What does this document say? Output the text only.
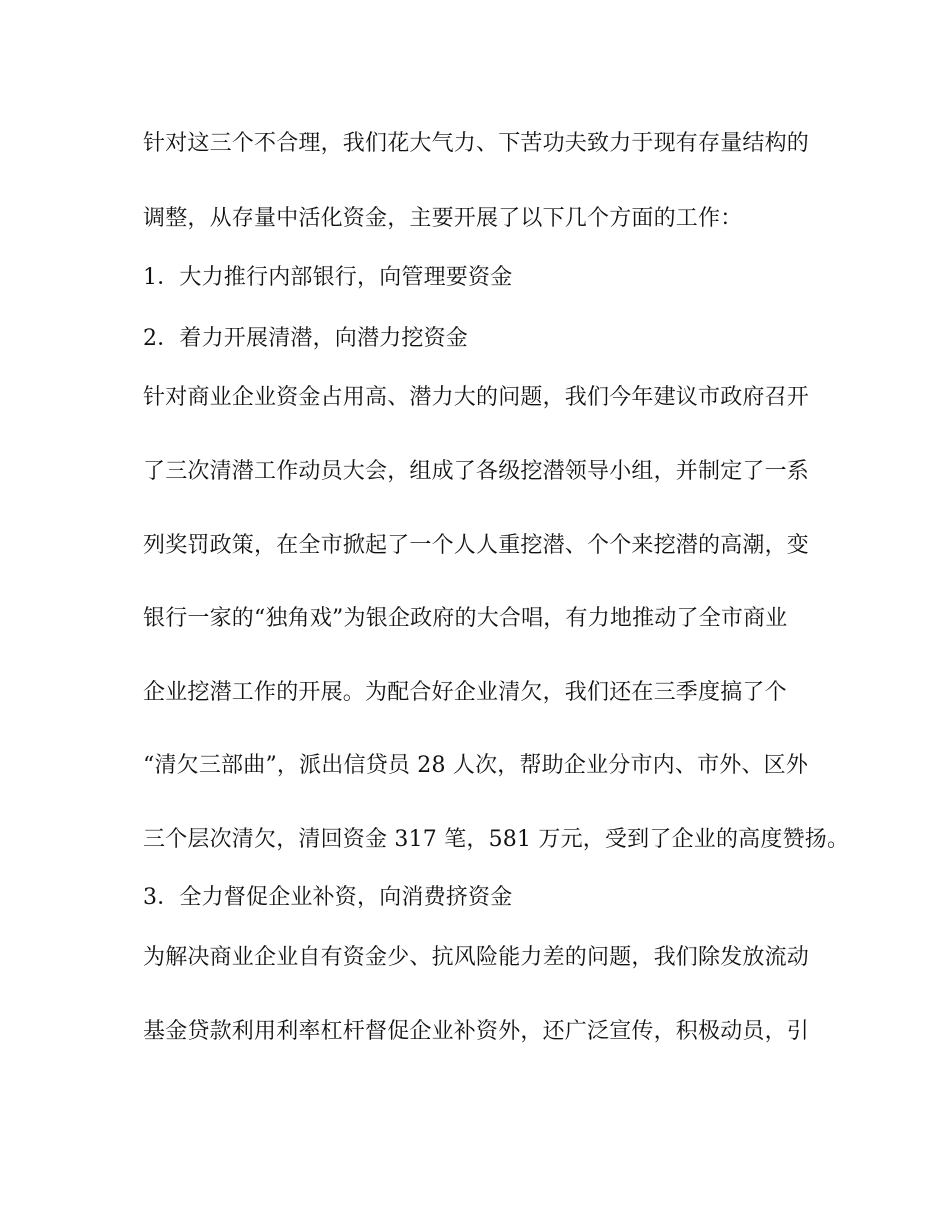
针对这三个不合理，我们花大气力、下苦功夫致力于现有存量结构的
调整，从存量中活化资金，主要开展了以下几个方面的工作：
1．大力推行内部银行，向管理要资金
2．着力开展清潜，向潜力挖资金
针对商业企业资金占用高、潜力大的问题，我们今年建议市政府召开
了三次清潜工作动员大会，组成了各级挖潜领导小组，并制定了一系
列奖罚政策，在全市掀起了一个人人重挖潜、个个来挖潜的高潮，变
银行一家的“独角戏”为银企政府的大合唱，有力地推动了全市商业
企业挖潜工作的开展。为配合好企业清欠，我们还在三季度搞了个
“清欠三部曲”，派出信贷员 28 人次，帮助企业分市内、市外、区外
三个层次清欠，清回资金 317 笔，581 万元，受到了企业的高度赞扬。
3．全力督促企业补资，向消费挤资金
为解决商业企业自有资金少、抗风险能力差的问题，我们除发放流动
基金贷款利用利率杠杆督促企业补资外，还广泛宣传，积极动员，引
